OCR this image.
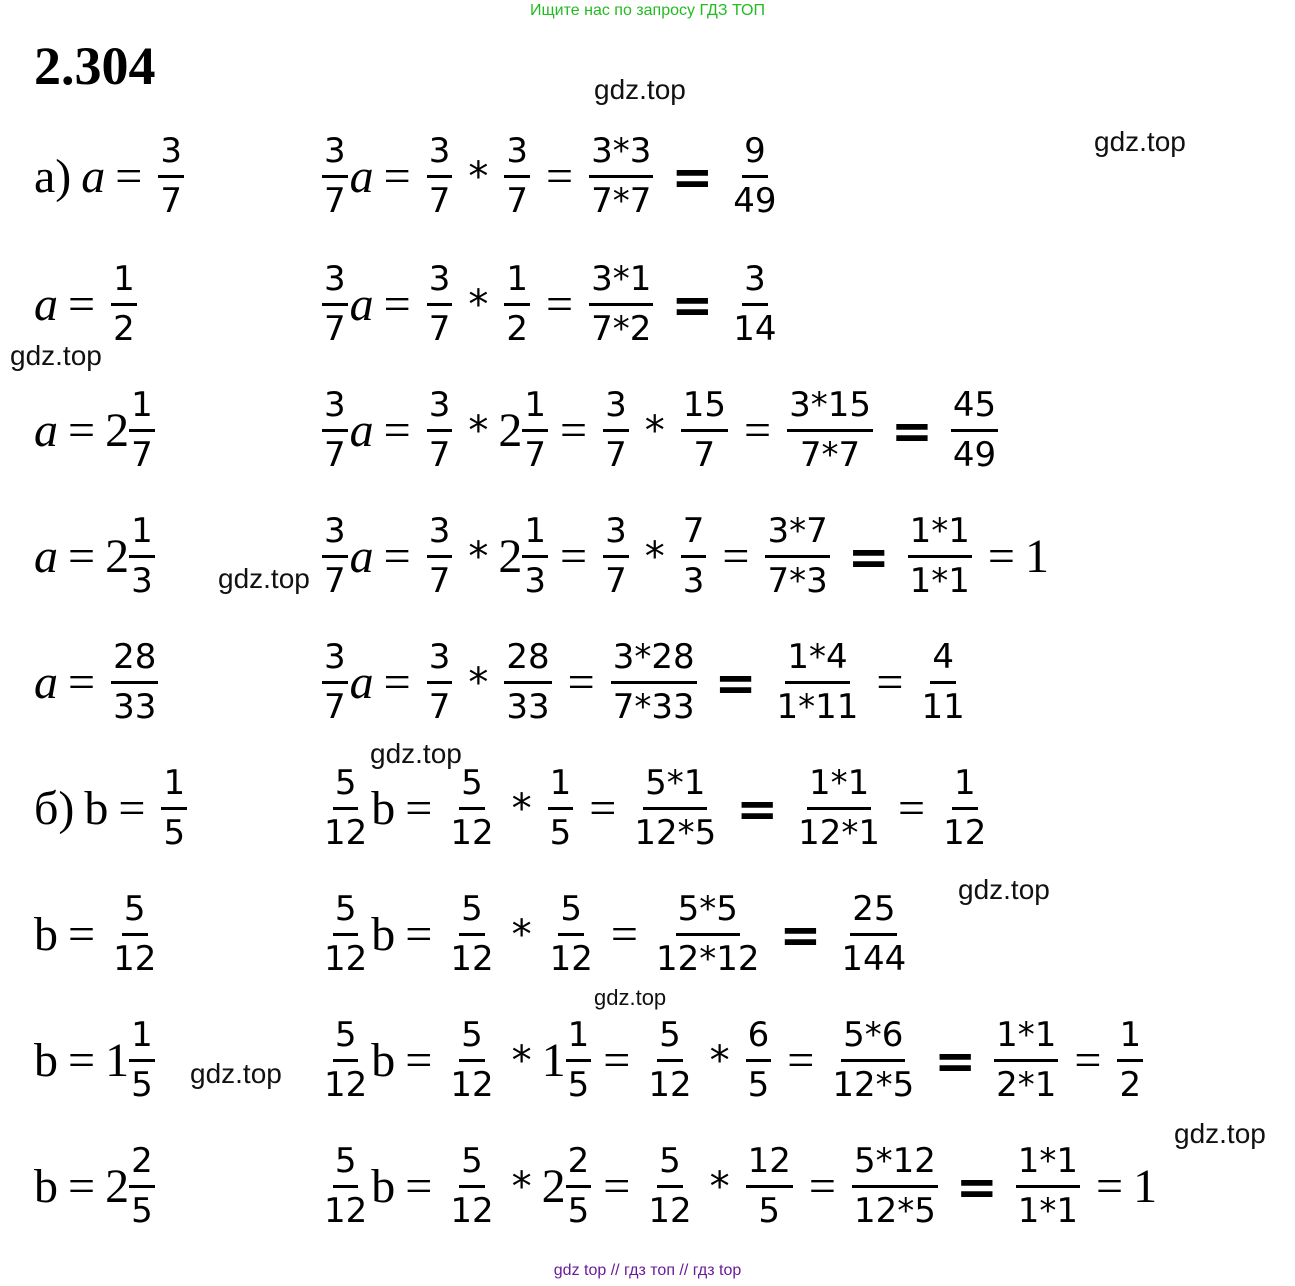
Ищите нас по запросу ГДЗ ТОП
2.304	gdz.top
gdz.top
gdz.top
gdz.top
gdz.top
gdz.top
gdz.top
gdz.top
gdz.top
а) $a = \frac{3}{7}$	$\frac{3}{7}$ $a = \frac{3}{7} * \frac{3}{7} = \frac{3*3}{7*7} = \frac{9}{49}$
$a = \frac{1}{2}$	$\frac{3}{7}$ $a = \frac{3}{7} * \frac{1}{2} = \frac{3*1}{7*2} = \frac{3}{14}$
$a = 2 \frac{1}{7}$	$\frac{3}{7}$ $a = \frac{3}{7} * 2 \frac{1}{7} = \frac{3}{7} * \frac{15}{7} = \frac{3*15}{7*7} = \frac{45}{49}$
$a = 2 \frac{1}{3}$	$\frac{3}{7}$ $a = \frac{3}{7} * 2 \frac{1}{3} = \frac{3}{7} * \frac{7}{3} = \frac{3*7}{7*3} = \frac{1*1}{1*1} = 1$
$a = \frac{28}{33}$	$\frac{3}{7}$ $a = \frac{3}{7} * \frac{28}{33} = \frac{3*28}{7*33} = \frac{1*4}{1*11} = \frac{4}{11}$
б) $b = \frac{1}{5}$	$\frac{5}{12}$ $b = \frac{5}{12} * \frac{1}{5} = \frac{5*1}{12*5} = \frac{1*1}{12*1} = \frac{1}{12}$
$b = \frac{5}{12}$	$\frac{5}{12}$ $b = \frac{5}{12} * \frac{5}{12} = \frac{5*5}{12*12} = \frac{25}{144}$
$b = 1 \frac{1}{5}$	$\frac{5}{12}$ $b = \frac{5}{12} * 1 \frac{1}{5} = \frac{5}{12} * \frac{6}{5} = \frac{5*6}{12*5} = \frac{1*1}{2*1} = \frac{1}{2}$
$b = 2 \frac{2}{5}$	$\frac{5}{12}$ $b = \frac{5}{12} * 2 \frac{2}{5} = \frac{5}{12} * \frac{12}{5} = \frac{5*12}{12*5} = \frac{1*1}{1*1} = 1$
gdz top // гдз топ // гдз top
